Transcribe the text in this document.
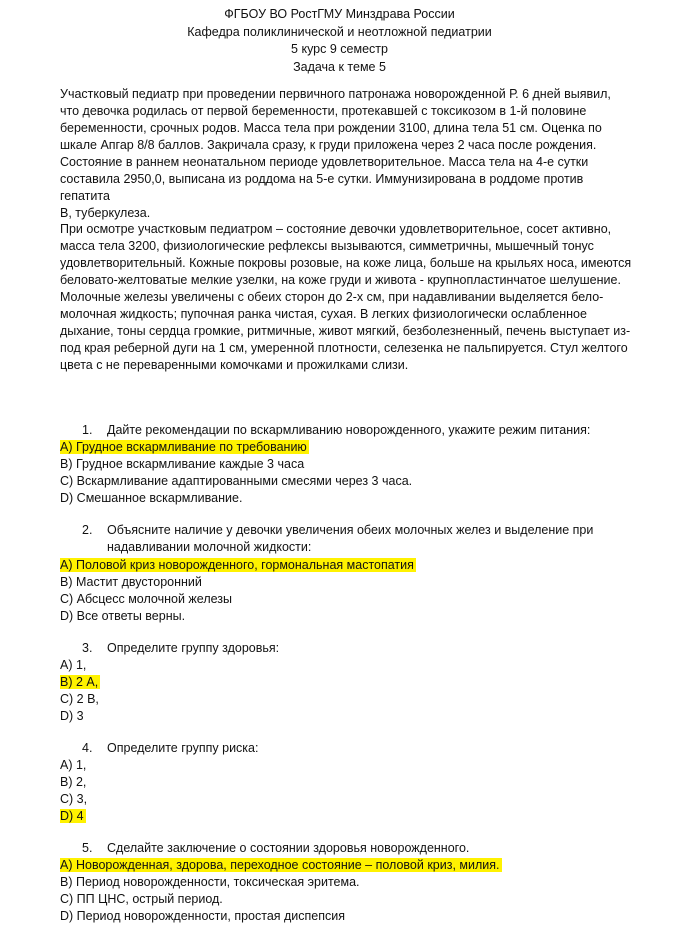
ФГБОУ ВО РостГМУ Минздрава России
Кафедра поликлинической и неотложной педиатрии
5 курс 9 семестр
Задача к теме 5

Участковый педиатр при проведении первичного патронажа новорожденной Р. 6 дней выявил,

что девочка родилась от первой беременности, протекавшей с токсикозом в 1-й половине

беременности, срочных родов. Масса тела при рождении 3100, длина тела 51 см. Оценка по

шкале Апгар 8/8 баллов. Закричала сразу, к груди приложена через 2 часа после рождения.

Состояние в раннем неонатальном периоде удовлетворительное. Масса тела на 4-е сутки

составила 2950,0, выписана из роддома на 5-е сутки. Иммунизирована в роддоме против гепатита

В, туберкулеза.

При осмотре участковым педиатром – состояние девочки удовлетворительное, сосет активно,

масса тела 3200, физиологические рефлексы вызываются, симметричны, мышечный тонус

удовлетворительный. Кожные покровы розовые, на коже лица, больше на крыльях носа, имеются

беловато-желтоватые мелкие узелки, на коже груди и живота - крупнопластинчатое шелушение.

Молочные железы увеличены с обеих сторон до 2-х см, при надавливании выделяется бело-

молочная жидкость; пупочная ранка чистая, сухая. В легких физиологически ослабленное

дыхание, тоны сердца громкие, ритмичные, живот мягкий, безболезненный, печень выступает из-

под края реберной дуги на 1 см, умеренной плотности, селезенка не пальпируется. Стул желтого

цвета с не переваренными комочками и прожилками слизи.

1. Дайте рекомендации по вскармливанию новорожденного, укажите режим питания:
А) Грудное вскармливание по требованию
В) Грудное вскармливание каждые 3 часа
С) Вскармливание адаптированными смесями через 3 часа.
D) Смешанное вскармливание.
2. Объясните наличие у девочки увеличения обеих молочных желез и выделение при
надавливании молочной жидкости:
А) Половой криз новорожденного, гормональная мастопатия
В) Мастит двусторонний
С) Абсцесс молочной железы
D) Все ответы верны.
3. Определите группу здоровья:
А) 1,
В) 2 А,
С) 2 В,
D) 3
4. Определите группу риска:
А) 1,
В) 2,
С) 3,
D) 4
5. Сделайте заключение о состоянии здоровья новорожденного.
А) Новорожденная, здорова, переходное состояние – половой криз, милия.
В) Период новорожденности, токсическая эритема.
С) ПП ЦНС, острый период.
D) Период новорожденности, простая диспепсия
